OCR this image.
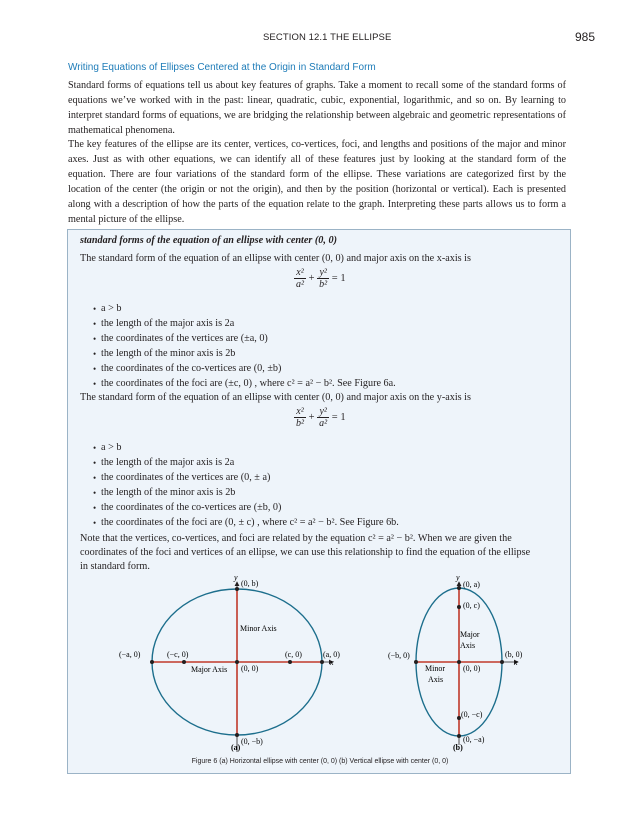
SECTION 12.1 THE ELLIPSE	985
Writing Equations of Ellipses Centered at the Origin in Standard Form
Standard forms of equations tell us about key features of graphs. Take a moment to recall some of the standard forms of equations we’ve worked with in the past: linear, quadratic, cubic, exponential, logarithmic, and so on. By learning to interpret standard forms of equations, we are bridging the relationship between algebraic and geometric representations of mathematical phenomena.
The key features of the ellipse are its center, vertices, co-vertices, foci, and lengths and positions of the major and minor axes. Just as with other equations, we can identify all of these features just by looking at the standard form of the equation. There are four variations of the standard form of the ellipse. These variations are categorized first by the location of the center (the origin or not the origin), and then by the position (horizontal or vertical). Each is presented along with a description of how the parts of the equation relate to the graph. Interpreting these parts allows us to form a mental picture of the ellipse.
standard forms of the equation of an ellipse with center (0, 0)
The standard form of the equation of an ellipse with center (0, 0) and major axis on the x-axis is
$\frac{\text{x²}}{\text{a²}} + \frac{\text{y²}}{\text{b²}} = 1$
• a > b
• the length of the major axis is 2a
• the coordinates of the vertices are (±a, 0)
• the length of the minor axis is 2b
• the coordinates of the co-vertices are (0, ±b)
• the coordinates of the foci are (±c, 0) , where c² = a² − b². See Figure 6a.
The standard form of the equation of an ellipse with center (0, 0) and major axis on the y-axis is
$\frac{\text{x²}}{\text{b²}} + \frac{\text{y²}}{\text{a²}} = 1$
• a > b
• the length of the major axis is 2a
• the coordinates of the vertices are (0, ± a)
• the length of the minor axis is 2b
• the coordinates of the co-vertices are (±b, 0)
• the coordinates of the foci are (0, ± c) , where c² = a² − b². See Figure 6b.
Note that the vertices, co-vertices, and foci are related by the equation c² = a² − b². When we are given the
coordinates of the foci and vertices of an ellipse, we can use this relationship to find the equation of the ellipse
in standard form.
y
x
(0, b)
(0, −b)
(−a, 0)	(a, 0)
(−c, 0)	(c, 0)
(0, 0)
Minor Axis
Major Axis
(a)
y
x
(0, a)
(0, c)
(0, −c)
(0, −a)
(−b, 0)	(b, 0)
(0, 0)
Major
Axis
Minor
Axis
(b)
Figure 6 (a) Horizontal ellipse with center (0, 0) (b) Vertical ellipse with center (0, 0)
